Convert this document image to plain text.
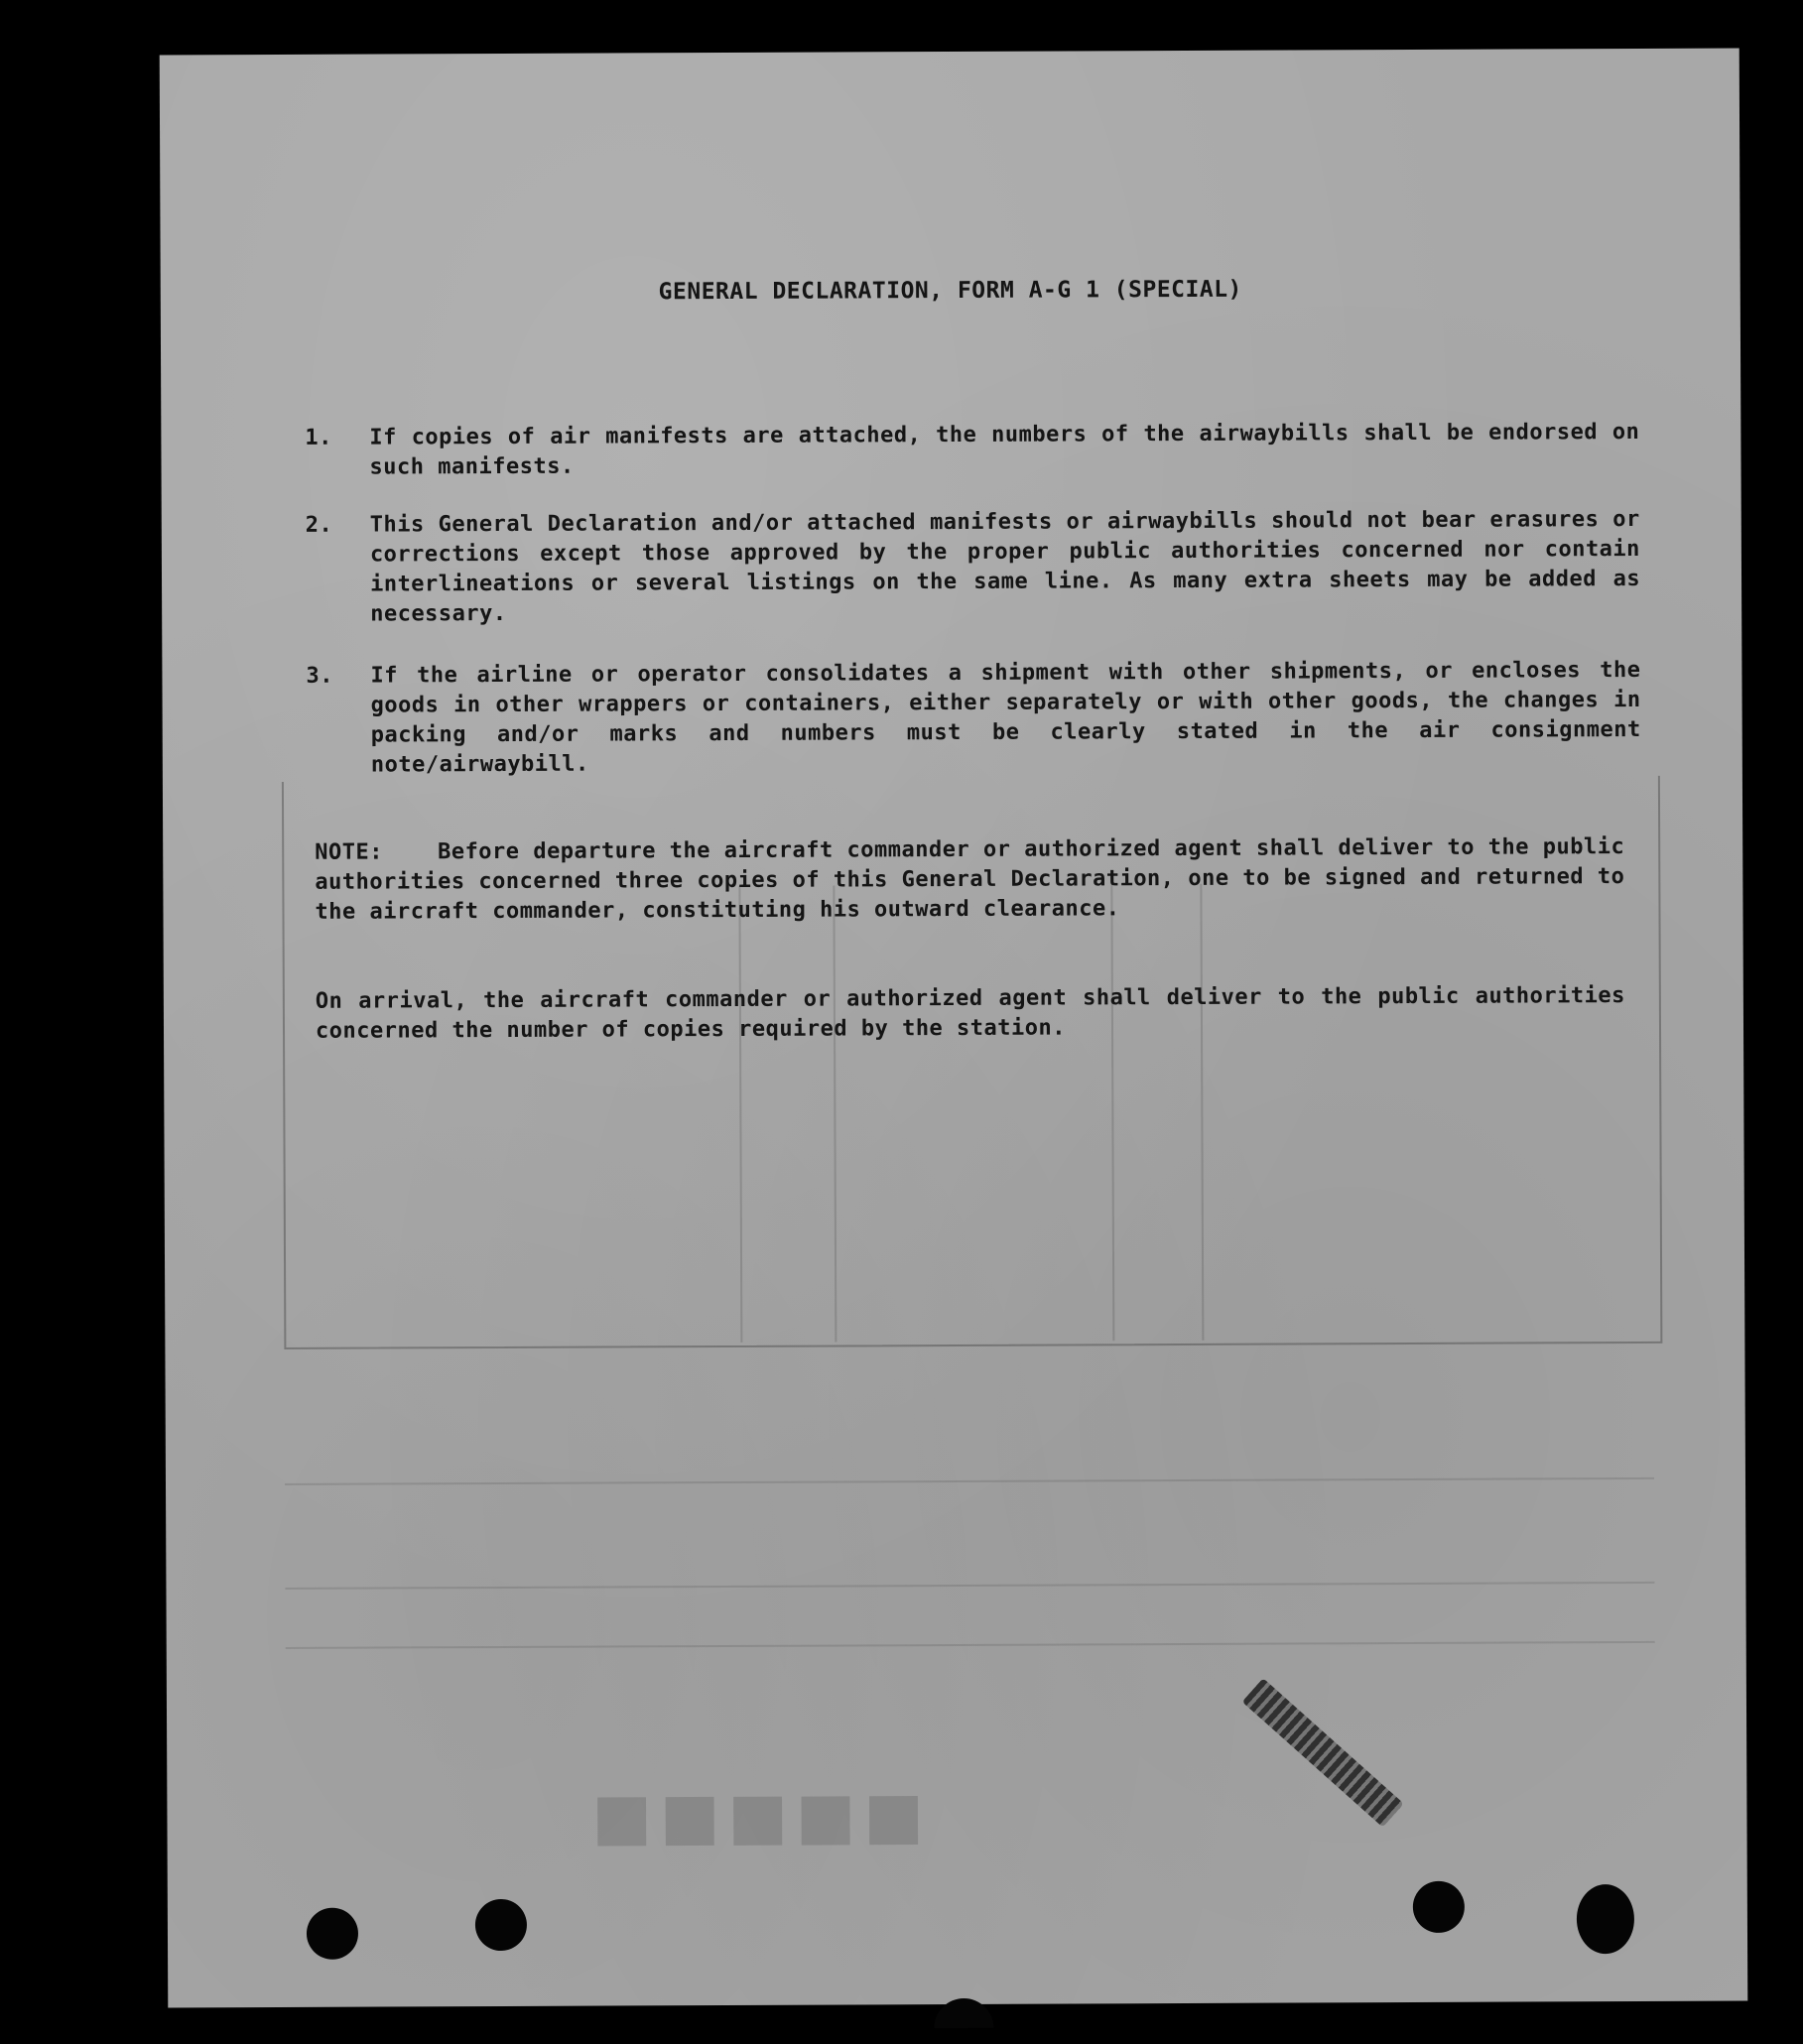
■■■■■
GENERAL DECLARATION, FORM A-G 1 (SPECIAL)
1.	If copies of air manifests are attached, the numbers of the airwaybills shall be endorsed on such manifests.
2.	This General Declaration and/or attached manifests or airwaybills should not bear erasures or corrections except those approved by the proper public authorities concerned nor contain interlineations or several listings on the same line. As many extra sheets may be added as necessary.
3.	If the airline or operator consolidates a shipment with other shipments, or encloses the goods in other wrappers or containers, either separately or with other goods, the changes in packing and/or marks and numbers must be clearly stated in the air consignment note/airwaybill.
NOTE:    Before departure the aircraft commander or authorized agent shall deliver to the public authorities concerned three copies of this General Declaration, one to be signed and returned to the aircraft commander, constituting his outward clearance.
On arrival, the aircraft commander or authorized agent shall deliver to the public authorities concerned the number of copies required by the station.
